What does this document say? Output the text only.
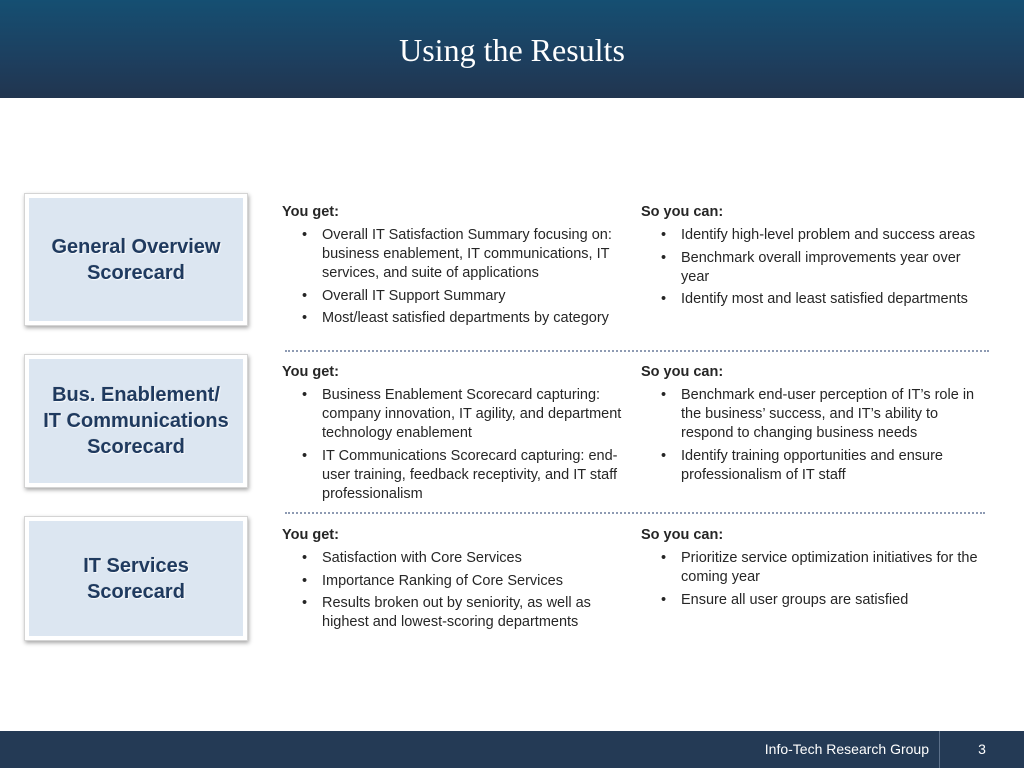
Using the Results
General Overview
Scorecard
You get:
• Overall IT Satisfaction Summary focusing on: business enablement, IT communications, IT services, and suite of applications
• Overall IT Support Summary
• Most/least satisfied departments by category
So you can:
• Identify high-level problem and success areas
• Benchmark overall improvements year over year
• Identify most and least satisfied departments
Bus. Enablement/
IT Communications
Scorecard
You get:
• Business Enablement Scorecard capturing: company innovation, IT agility, and department technology enablement
• IT Communications Scorecard capturing: end-user training, feedback receptivity, and IT staff professionalism
So you can:
• Benchmark end-user perception of IT’s role in the business’ success, and IT’s ability to respond to changing business needs
• Identify training opportunities and ensure professionalism of IT staff
IT Services
Scorecard
You get:
• Satisfaction with Core Services
• Importance Ranking of Core Services
• Results broken out by seniority, as well as highest and lowest-scoring departments
So you can:
• Prioritize service optimization initiatives for the coming year
• Ensure all user groups are satisfied
Info-Tech Research Group	3
